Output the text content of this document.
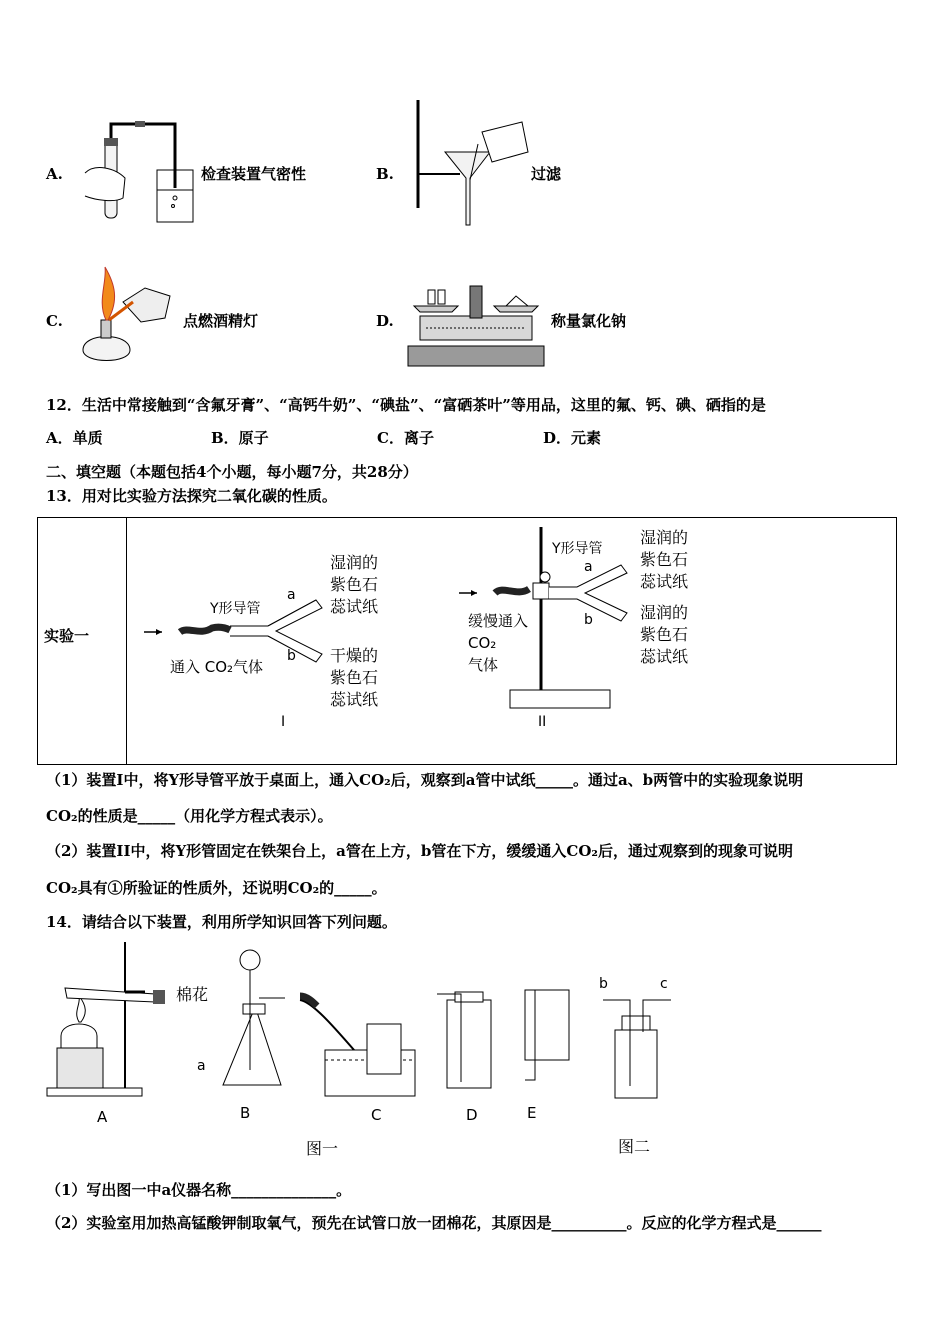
A.	检查装置气密性	B.	过滤
C.	点燃酒精灯	D.	称量氯化钠
12．生活中常接触到“含氟牙膏”、“高钙牛奶”、“碘盐”、“富硒茶叶”等用品，这里的氟、钙、碘、硒指的是
A．单质	B．原子	C．离子	D．元素
二、填空题（本题包括4个小题，每小题7分，共28分）
13．用对比实验方法探究二氧化碳的性质。
实验一
Y形导管
a
b
湿润的
紫色石
蕊试纸
干燥的
紫色石
蕊试纸
通入 CO₂气体
I
Y形导管
a
b
湿润的
紫色石
蕊试纸
湿润的
紫色石
蕊试纸
缓慢通入
CO₂
气体
II
（1）装置I中，将Y形导管平放于桌面上，通入CO₂后，观察到a管中试纸_____。通过a、b两管中的实验现象说明
CO₂的性质是_____（用化学方程式表示）。
（2）装置II中，将Y形管固定在铁架台上，a管在上方，b管在下方，缓缓通入CO₂后，通过观察到的现象可说明
CO₂具有①所验证的性质外，还说明CO₂的_____。
14．请结合以下装置，利用所学知识回答下列问题。
棉花
a
A	B	C	D	E
b	c
图一	图二
（1）写出图一中a仪器名称______________。
（2）实验室用加热高锰酸钾制取氧气，预先在试管口放一团棉花，其原因是__________。反应的化学方程式是______
